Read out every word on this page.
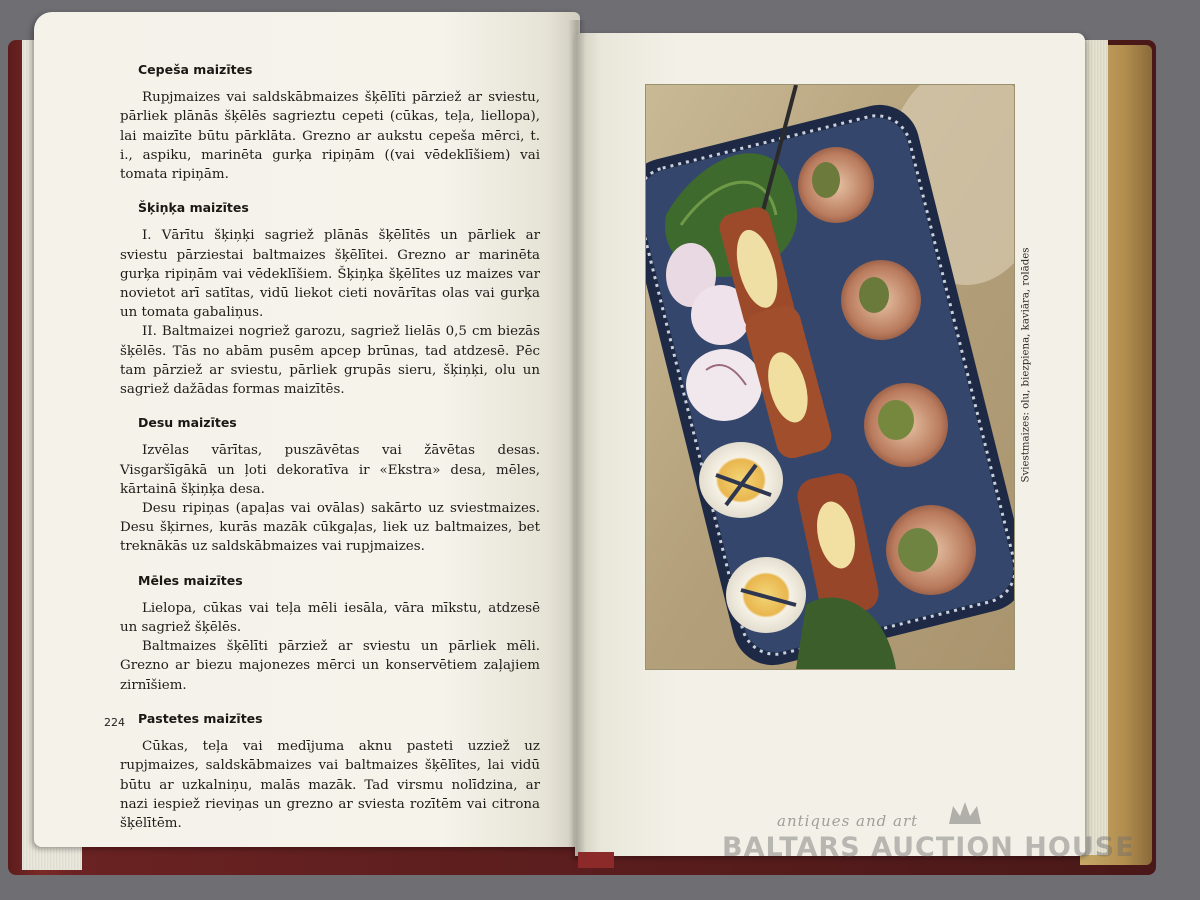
Cepeša maizītes

Rupjmaizes vai saldskābmaizes šķēlīti pārziež ar sviestu, pārliek plānās šķēlēs sagrieztu cepeti (cūkas, teļa, liellopa), lai maizīte būtu pārklāta. Grezno ar aukstu cepeša mērci, t. i., aspiku, marinēta gurķa ripiņām ((vai vēdeklīšiem) vai tomata ripiņām.

Šķiņķa maizītes

I. Vārītu šķiņķi sagriež plānās šķēlītēs un pārliek ar sviestu pārziestai baltmaizes šķēlītei. Grezno ar marinēta gurķa ripiņām vai vēdeklīšiem. Šķiņķa šķēlītes uz maizes var novietot arī satītas, vidū liekot cieti novārītas olas vai gurķa un tomata gabaliņus.

II. Baltmaizei nogriež garozu, sagriež lielās 0,5 cm biezās šķēlēs. Tās no abām pusēm apcep brūnas, tad atdzesē. Pēc tam pārziež ar sviestu, pārliek grupās sieru, šķiņķi, olu un sagriež dažādas formas maizītēs.

Desu maizītes

Izvēlas vārītas, puszāvētas vai žāvētas desas. Visgaršīgākā un ļoti dekoratīva ir «Ekstra» desa, mēles, kārtainā šķiņķa desa.

Desu ripiņas (apaļas vai ovālas) sakārto uz sviestmaizes. Desu šķirnes, kurās mazāk cūkgaļas, liek uz baltmaizes, bet treknākās uz saldskābmaizes vai rupjmaizes.

Mēles maizītes

Lielopa, cūkas vai teļa mēli iesāla, vāra mīkstu, atdzesē un sagriež šķēlēs.

Baltmaizes šķēlīti pārziež ar sviestu un pārliek mēli. Grezno ar biezu majonezes mērci un konservētiem zaļajiem zirnīšiem.

Pastetes maizītes

Cūkas, teļa vai medījuma aknu pasteti uzziež uz rupjmaizes, saldskābmaizes vai baltmaizes šķēlītes, lai vidū būtu ar uzkalniņu, malās mazāk. Tad virsmu nolīdzina, ar nazi iespiež rieviņas un grezno ar sviesta rozītēm vai citrona šķēlītēm.

224
Sviestmaizes: olu, biezpiena, kaviāra, rolādes
antiques and art
BALTARS AUCTION HOUSE
